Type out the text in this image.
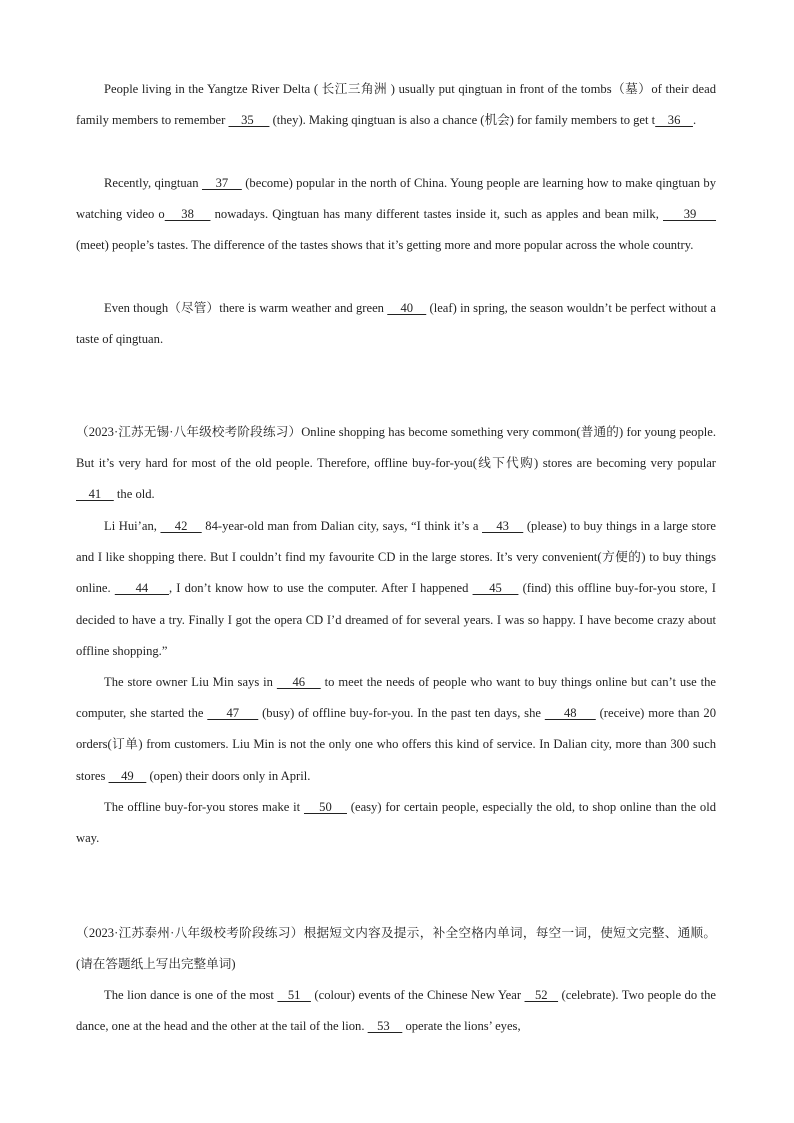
People living in the Yangtze River Delta ( 长江三角洲 ) usually put qingtuan in front of the tombs（墓）of their dead family members to remember     35      (they). Making qingtuan is also a chance (机会) for family members to get t    36    .

Recently, qingtuan     37     (become) popular in the north of China. Young people are learning how to make qingtuan by watching video o    38     nowadays. Qingtuan has many different tastes inside it, such as apples and bean milk,      39      (meet) people’s tastes. The difference of the tastes shows that it’s getting more and more popular across the whole country.

Even though（尽管）there is warm weather and green     40     (leaf) in spring, the season wouldn’t be perfect without a taste of qingtuan.

（2023·江苏无锡·八年级校考阶段练习）Online shopping has become something very common(普通的) for young people. But it’s very hard for most of the old people. Therefore, offline buy-for-you(线下代购) stores are becoming very popular     41     the old.

Li Hui’an,     42     84-year-old man from Dalian city, says, “I think it’s a     43     (please) to buy things in a large store and I like shopping there. But I couldn’t find my favourite CD in the large stores. It’s very convenient(方便的) to buy things online.      44     , I don’t know how to use the computer. After I happened     45     (find) this offline buy-for-you store, I decided to have a try. Finally I got the opera CD I’d dreamed of for several years. I was so happy. I have become crazy about offline shopping.”

The store owner Liu Min says in     46     to meet the needs of people who want to buy things online but can’t use the computer, she started the      47      (busy) of offline buy-for-you. In the past ten days, she      48      (receive) more than 20 orders(订单) from customers. Liu Min is not the only one who offers this kind of service. In Dalian city, more than 300 such stores     49     (open) their doors only in April.

The offline buy-for-you stores make it     50     (easy) for certain people, especially the old, to shop online than the old way.

（2023·江苏泰州·八年级校考阶段练习）根据短文内容及提示，补全空格内单词，每空一词，使短文完整、通顺。(请在答题纸上写出完整单词)

The lion dance is one of the most    51    (colour) events of the Chinese New Year    52    (celebrate). Two people do the dance, one at the head and the other at the tail of the lion.    53     operate the lions’ eyes,
